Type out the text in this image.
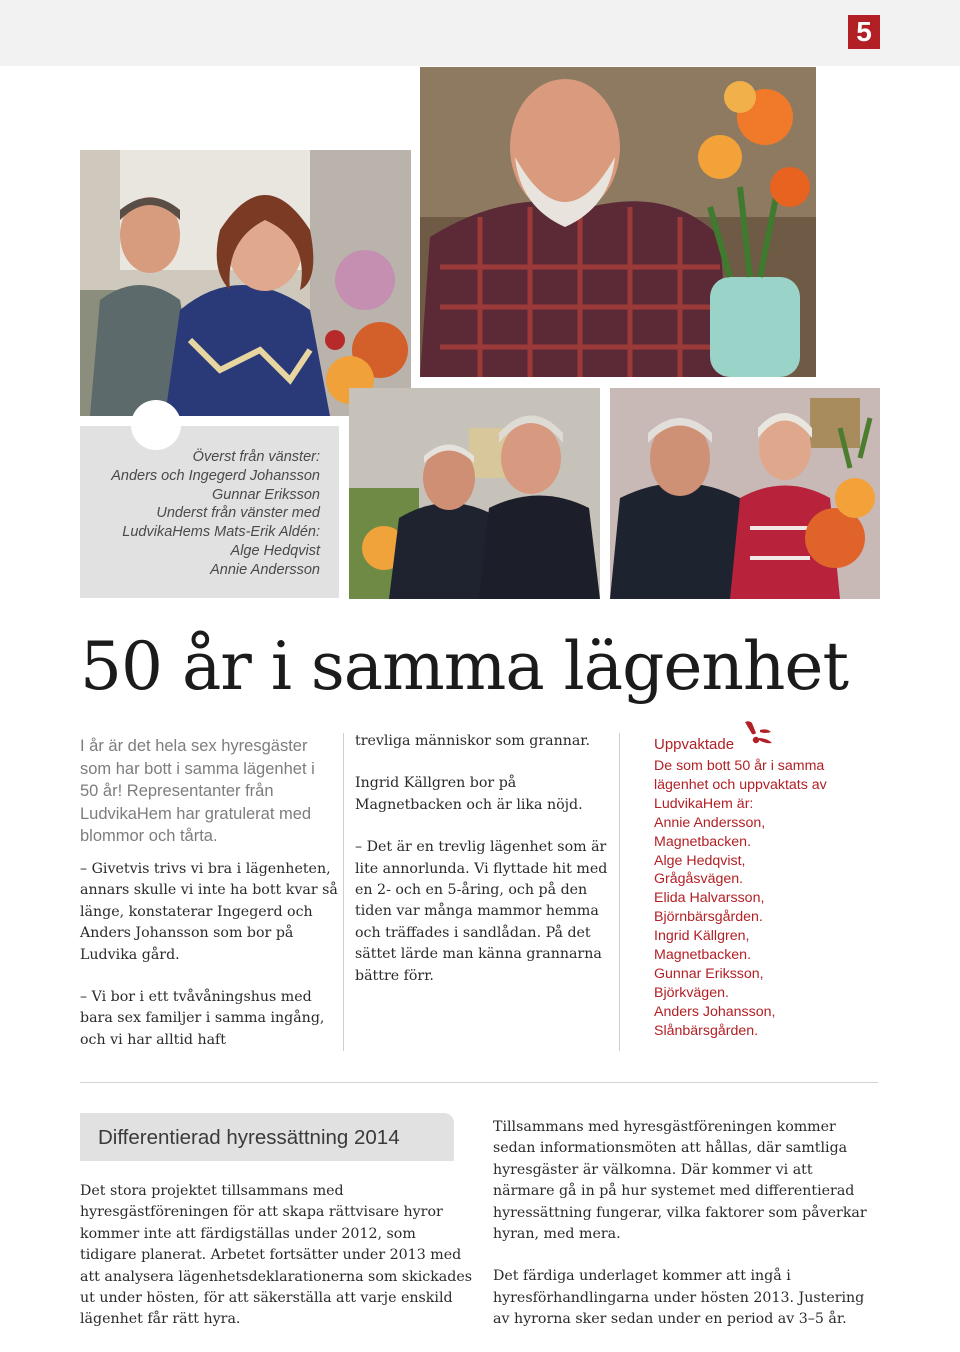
5
Överst från vänster:
Anders och Ingegerd Johansson
Gunnar Eriksson
Underst från vänster med
LudvikaHems Mats-Erik Aldén:
Alge Hedqvist
Annie Andersson
50 år i samma lägenhet
I år är det hela sex hyresgäster som har bott i samma lägenhet i 50 år! Representanter från LudvikaHem har gratulerat med blommor och tårta.

– Givetvis trivs vi bra i lägenheten, annars skulle vi inte ha bott kvar så länge, konstaterar Ingegerd och Anders Johansson som bor på Ludvika gård.

– Vi bor i ett tvåvåningshus med bara sex familjer i samma ingång, och vi har alltid haft

trevliga människor som grannar.

Ingrid Källgren bor på Magnetbacken och är lika nöjd.

– Det är en trevlig lägenhet som är lite annorlunda. Vi flyttade hit med en 2- och en 5-åring, och på den tiden var många mammor hemma och träffades i sandlådan. På det sättet lärde man känna grannarna bättre förr.

Uppvaktade
De som bott 50 år i samma
lägenhet och uppvaktats av
LudvikaHem är:
Annie Andersson,
Magnetbacken.
Alge Hedqvist,
Grågåsvägen.
Elida Halvarsson,
Björnbärsgården.
Ingrid Källgren,
Magnetbacken.
Gunnar Eriksson,
Björkvägen.
Anders Johansson,
Slånbärsgården.
Differentierad hyressättning 2014

Det stora projektet tillsammans med hyresgästföreningen för att skapa rättvisare hyror kommer inte att färdigställas under 2012, som tidigare planerat. Arbetet fortsätter under 2013 med att analysera lägenhetsdeklarationerna som skickades ut under hösten, för att säkerställa att varje enskild lägenhet får rätt hyra.

Tillsammans med hyresgästföreningen kommer sedan informationsmöten att hållas, där samtliga hyresgäster är välkomna. Där kommer vi att närmare gå in på hur systemet med differentierad hyressättning fungerar, vilka faktorer som påverkar hyran, med mera.

Det färdiga underlaget kommer att ingå i hyresförhandlingarna under hösten 2013. Justering av hyrorna sker sedan under en period av 3–5 år.
